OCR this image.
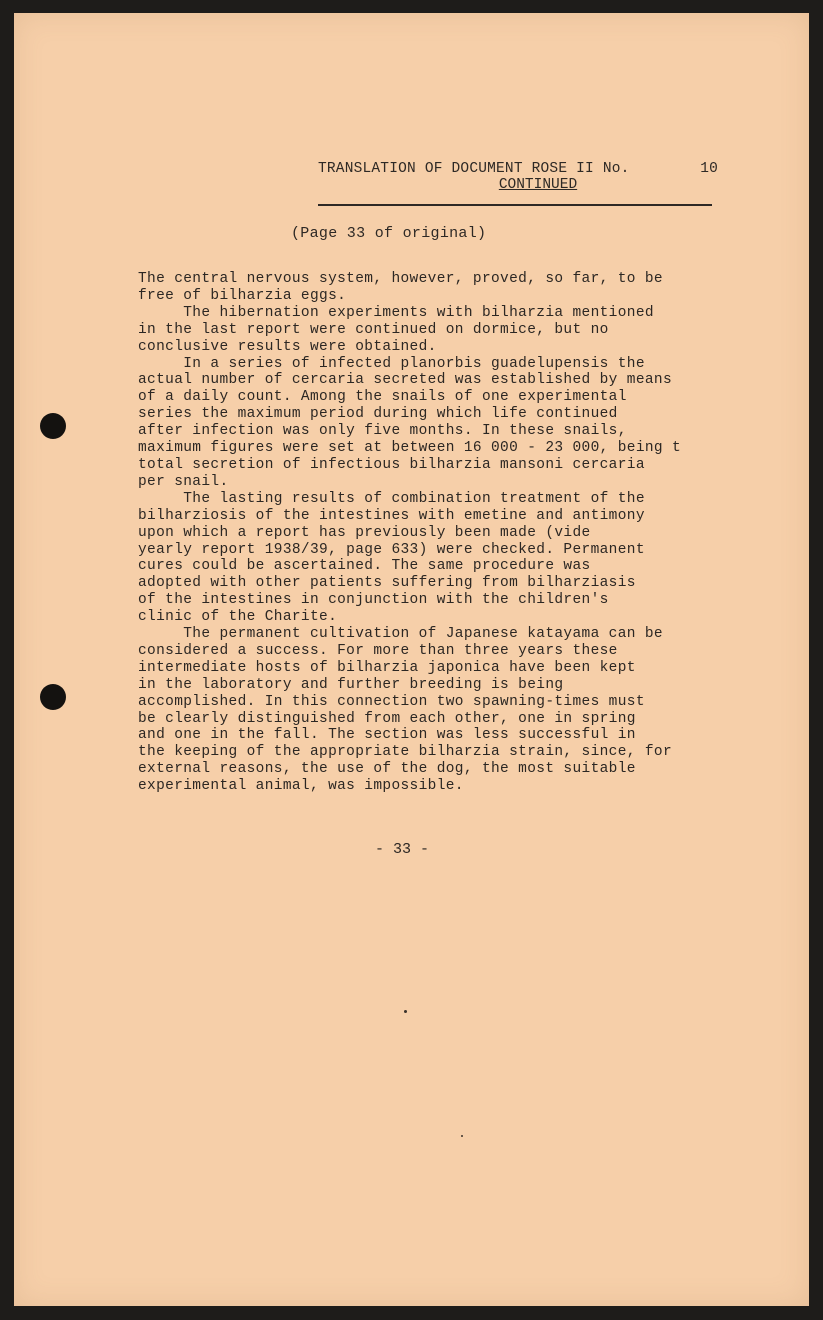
TRANSLATION OF DOCUMENT ROSE II No.	10
CONTINUED
(Page 33 of original)
The central nervous system, however, proved, so far, to be
free of bilharzia eggs.
The hibernation experiments with bilharzia mentioned
in the last report were continued on dormice, but no
conclusive results were obtained.
In a series of infected planorbis guadelupensis the
actual number of cercaria secreted was established by means
of a daily count. Among the snails of one experimental
series the maximum period during which life continued
after infection was only five months. In these snails,
maximum figures were set at between 16 000 - 23 000, being t
total secretion of infectious bilharzia mansoni cercaria
per snail.
The lasting results of combination treatment of the
bilharziosis of the intestines with emetine and antimony
upon which a report has previously been made (vide
yearly report 1938/39, page 633) were checked. Permanent
cures could be ascertained. The same procedure was
adopted with other patients suffering from bilharziasis
of the intestines in conjunction with the children's
clinic of the Charite.
The permanent cultivation of Japanese katayama can be
considered a success. For more than three years these
intermediate hosts of bilharzia japonica have been kept
in the laboratory and further breeding is being
accomplished. In this connection two spawning-times must
be clearly distinguished from each other, one in spring
and one in the fall. The section was less successful in
the keeping of the appropriate bilharzia strain, since, for
external reasons, the use of the dog, the most suitable
experimental animal, was impossible.
- 33 -
